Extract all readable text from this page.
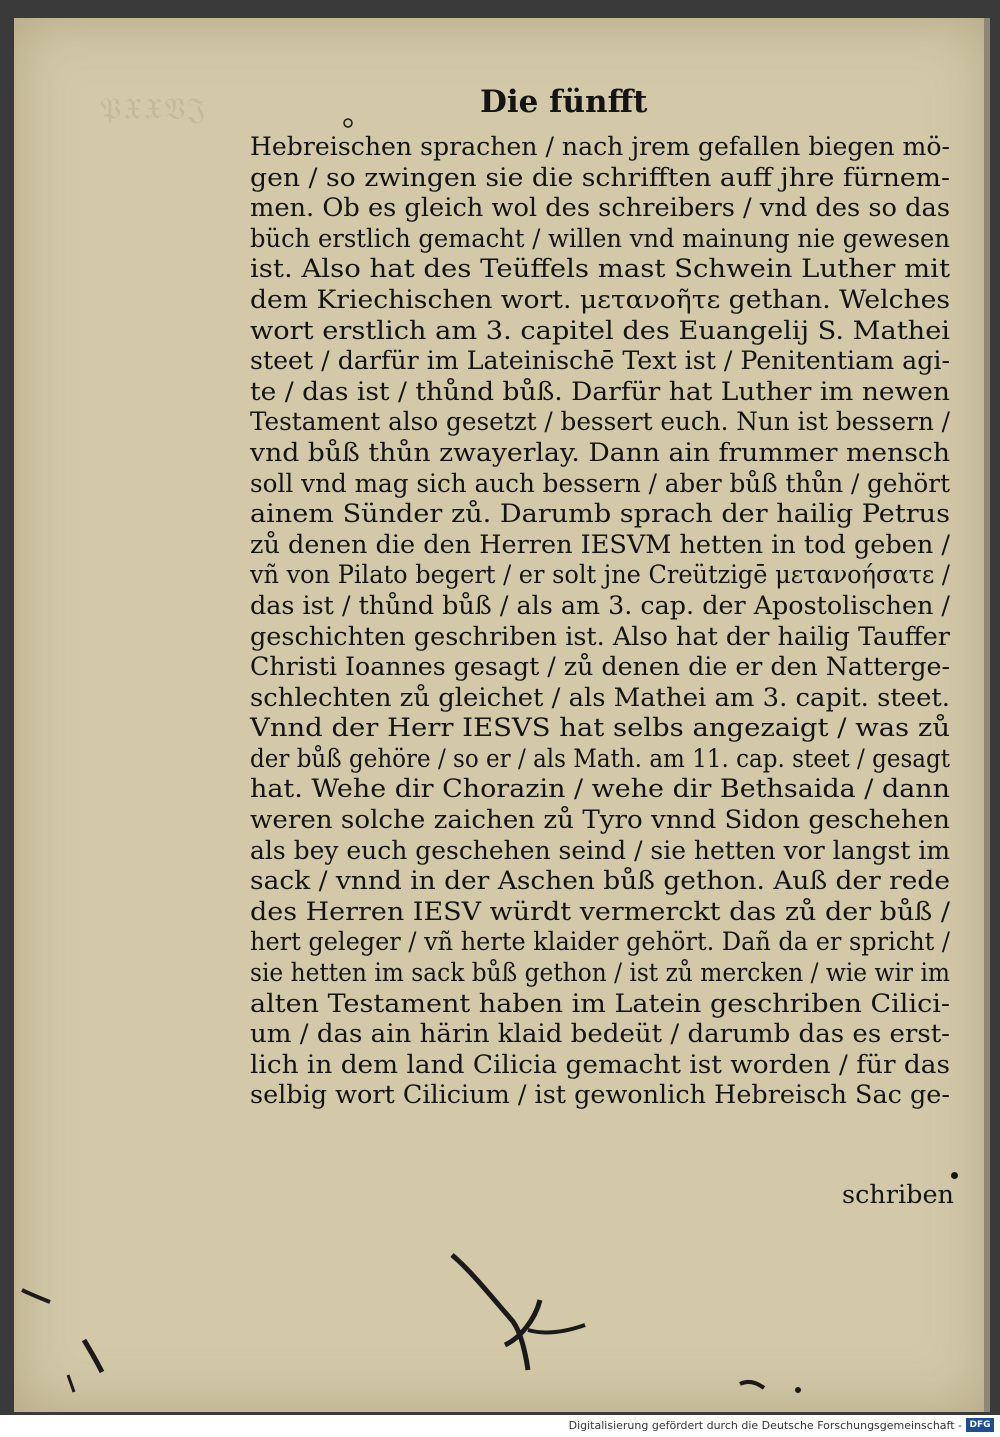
𝔓𝔛𝔛𝔙𝔍	Die fünfft
Hebreischen sprachen / nach jrem gefallen biegen mö-
gen / so zwingen sie die schrifften auff jhre fürnem-
men. Ob es gleich wol des schreibers / vnd des so das
büch erstlich gemacht / willen vnd mainung nie gewesen
ist. Also hat des Teüffels mast Schwein Luther mit
dem Kriechischen wort. μετανοῆτε gethan. Welches
wort erstlich am 3. capitel des Euangelij S. Mathei
steet / darfür im Lateinischē Text ist / Penitentiam agi-
te / das ist / thůnd bůß. Darfür hat Luther im newen
Testament also gesetzt / bessert euch. Nun ist bessern /
vnd bůß thůn zwayerlay. Dann ain frummer mensch
soll vnd mag sich auch bessern / aber bůß thůn / gehört
ainem Sünder zů. Darumb sprach der hailig Petrus
zů denen die den Herren IESVM hetten in tod geben /
vñ von Pilato begert / er solt jne Creützigē μετανοήσατε /
das ist / thůnd bůß / als am 3. cap. der Apostolischen /
geschichten geschriben ist. Also hat der hailig Tauffer
Christi Ioannes gesagt / zů denen die er den Natterge-
schlechten zů gleichet / als Mathei am 3. capit. steet.
Vnnd der Herr IESVS hat selbs angezaigt / was zů
der bůß gehöre / so er / als Math. am 11. cap. steet / gesagt
hat. Wehe dir Chorazin / wehe dir Bethsaida / dann
weren solche zaichen zů Tyro vnnd Sidon geschehen
als bey euch geschehen seind / sie hetten vor langst im
sack / vnnd in der Aschen bůß gethon. Auß der rede
des Herren IESV würdt vermerckt das zů der bůß /
hert geleger / vñ herte klaider gehört. Dañ da er spricht /
sie hetten im sack bůß gethon / ist zů mercken / wie wir im
alten Testament haben im Latein geschriben Cilici-
um / das ain härin klaid bedeüt / darumb das es erst-
lich in dem land Cilicia gemacht ist worden / für das
selbig wort Cilicium / ist gewonlich Hebreisch Sac ge-
schriben
Digitalisierung gefördert durch die Deutsche Forschungsgemeinschaft - DFG
